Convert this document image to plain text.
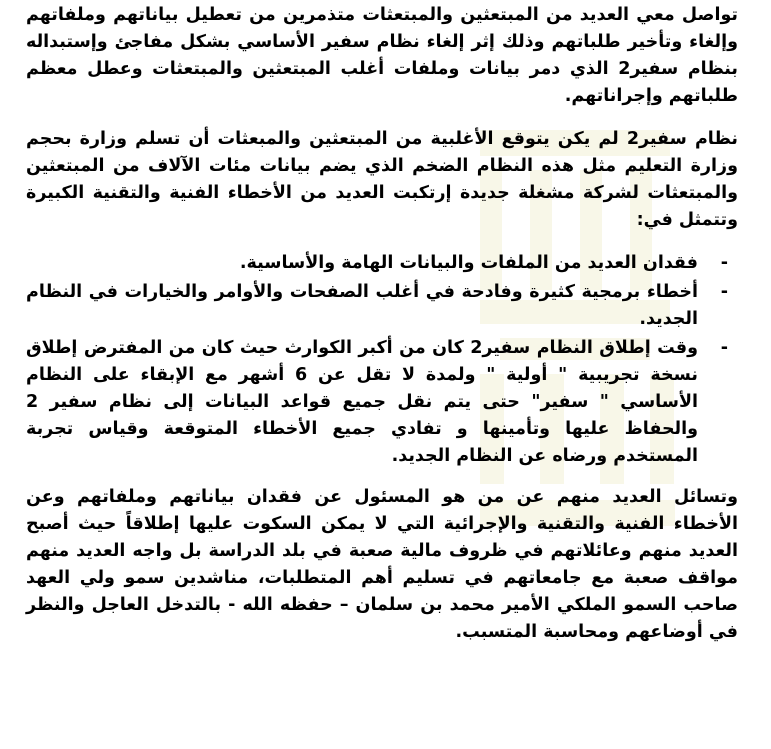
تواصل معي العديد من المبتعثين والمبتعثات متذمرين من تعطيل بياناتهم وملفاتهم وإلغاء وتأخير طلباتهم وذلك إثر إلغاء نظام سفير الأساسي بشكل مفاجئ وإستبداله بنظام سفير2 الذي دمر بيانات وملفات أغلب المبتعثين والمبتعثات وعطل معظم طلباتهم وإجراناتهم.

نظام سفير2 لم يكن يتوقع الأغلبية من المبتعثين والمبعثات أن تسلم وزارة بحجم وزارة التعليم مثل هذه النظام الضخم الذي يضم بيانات مئات الآلاف من المبتعثين والمبتعثات لشركة مشغلة جديدة إرتكبت العديد من الأخطاء الفنية والتقنية الكبيرة وتتمثل في:

-
فقدان العديد من الملفات والبيانات الهامة والأساسية.
-
أخطاء برمجية كثيرة وفادحة في أغلب الصفحات والأوامر والخيارات في النظام الجديد.
-
وقت إطلاق النظام سفير2 كان من أكبر الكوارث حيث كان من المفترض إطلاق نسخة تجريبية " أولية " ولمدة لا تقل عن 6 أشهر مع الإبقاء على النظام الأساسي " سفير" حتى يتم نقل جميع قواعد البيانات إلى نظام سفير 2 والحفاظ عليها وتأمينها و تفادي جميع الأخطاء المتوقعة وقياس تجربة المستخدم ورضاه عن النظام الجديد.

وتسائل العديد منهم عن من هو المسئول عن فقدان بياناتهم وملفاتهم وعن الأخطاء الفنية والتقنية والإجرائية التي لا يمكن السكوت عليها إطلاقاً حيث أصبح العديد منهم وعائلاتهم في ظروف مالية صعبة في بلد الدراسة بل واجه العديد منهم مواقف صعبة مع جامعاتهم في تسليم أهم المتطلبات، مناشدين سمو ولي العهد صاحب السمو الملكي الأمير محمد بن سلمان – حفظه الله - بالتدخل العاجل والنظر في أوضاعهم ومحاسبة المتسبب.
